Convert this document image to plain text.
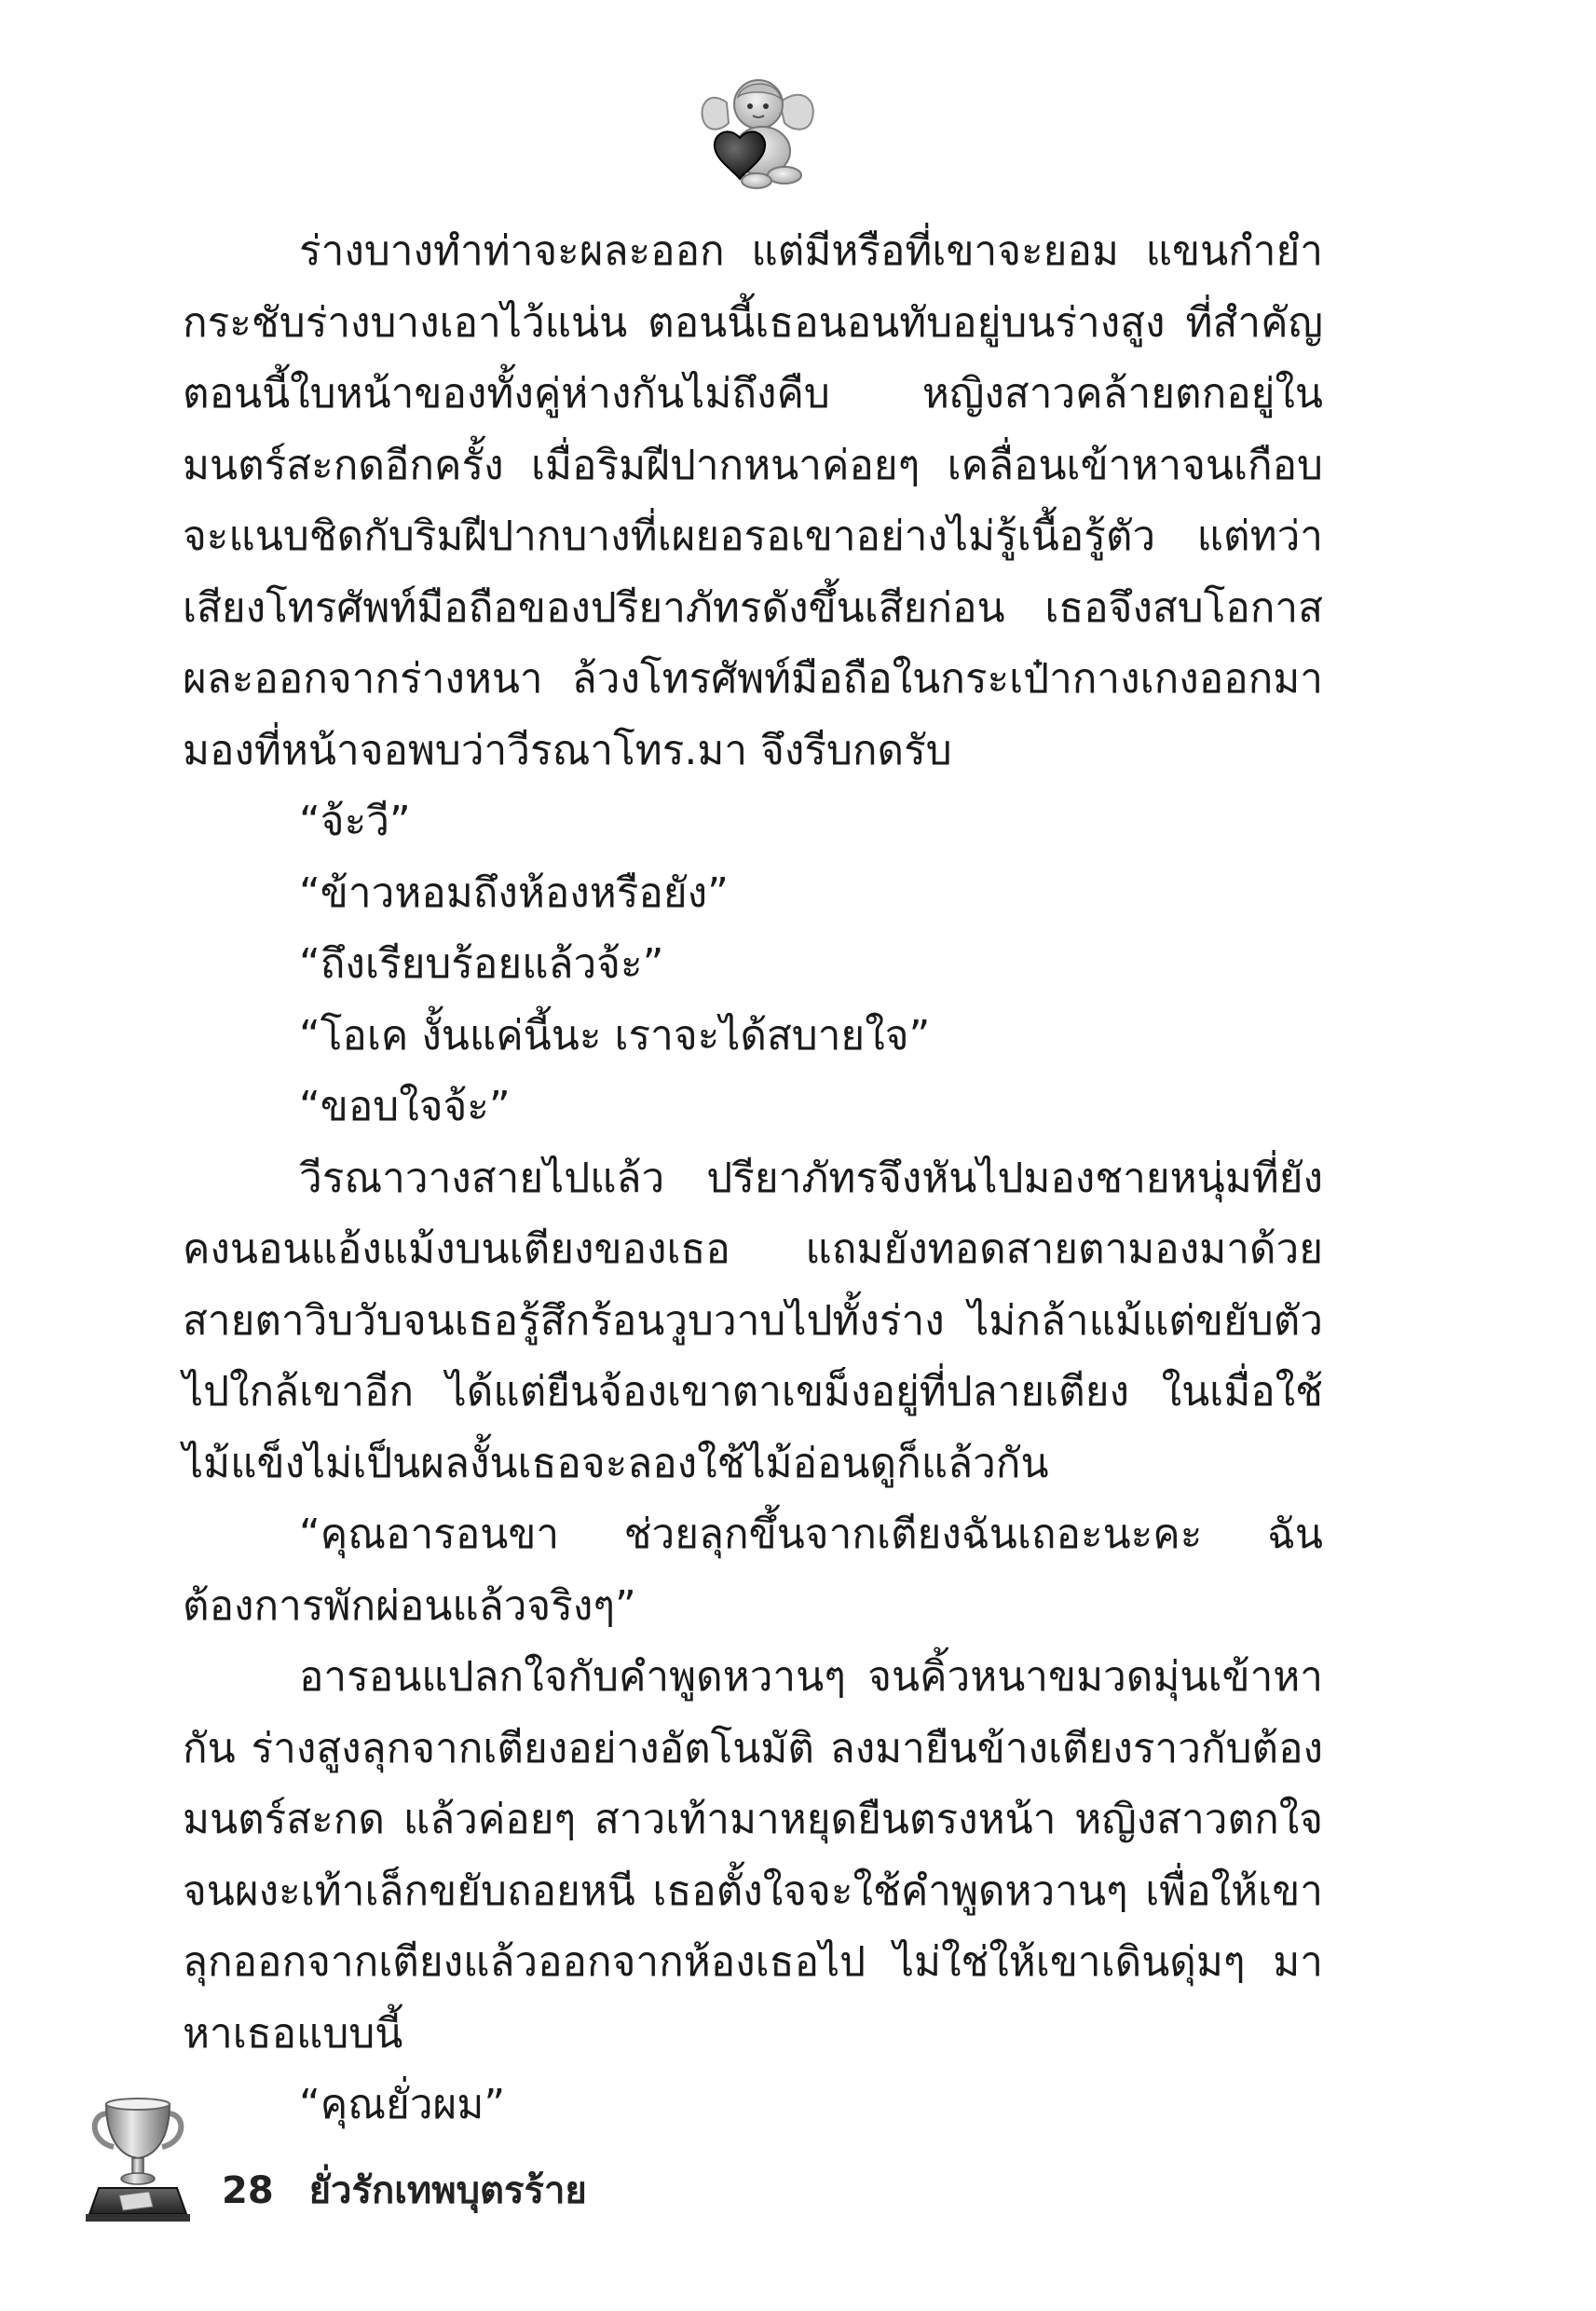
ร่างบางทำท่าจะผละออก แต่มีหรือที่เขาจะยอม แขนกำยำกระชับร่างบางเอาไว้แน่น ตอนนี้เธอนอนทับอยู่บนร่างสูง ที่สำคัญตอนนี้ใบหน้าของทั้งคู่ห่างกันไม่ถึงคืบ หญิงสาวคล้ายตกอยู่ในมนตร์สะกดอีกครั้ง เมื่อริมฝีปากหนาค่อยๆ เคลื่อนเข้าหาจนเกือบจะแนบชิดกับริมฝีปากบางที่เผยอรอเขาอย่างไม่รู้เนื้อรู้ตัว แต่ทว่าเสียงโทรศัพท์มือถือของปรียาภัทรดังขึ้นเสียก่อน เธอจึงสบโอกาสผละออกจากร่างหนา ล้วงโทรศัพท์มือถือในกระเป๋ากางเกงออกมา มองที่หน้าจอพบว่าวีรณาโทร.มา จึงรีบกดรับ

“จ้ะวี”

“ข้าวหอมถึงห้องหรือยัง”

“ถึงเรียบร้อยแล้วจ้ะ”

“โอเค งั้นแค่นี้นะ เราจะได้สบายใจ”

“ขอบใจจ้ะ”

วีรณาวางสายไปแล้ว ปรียาภัทรจึงหันไปมองชายหนุ่มที่ยังคงนอนแอ้งแม้งบนเตียงของเธอ แถมยังทอดสายตามองมาด้วยสายตาวิบวับจนเธอรู้สึกร้อนวูบวาบไปทั้งร่าง ไม่กล้าแม้แต่ขยับตัวไปใกล้เขาอีก ได้แต่ยืนจ้องเขาตาเขม็งอยู่ที่ปลายเตียง ในเมื่อใช้ไม้แข็งไม่เป็นผลงั้นเธอจะลองใช้ไม้อ่อนดูก็แล้วกัน

“คุณอารอนขา ช่วยลุกขึ้นจากเตียงฉันเถอะนะคะ ฉันต้องการพักผ่อนแล้วจริงๆ”

อารอนแปลกใจกับคำพูดหวานๆ จนคิ้วหนาขมวดมุ่นเข้าหากัน ร่างสูงลุกจากเตียงอย่างอัตโนมัติ ลงมายืนข้างเตียงราวกับต้องมนตร์สะกด แล้วค่อยๆ สาวเท้ามาหยุดยืนตรงหน้า หญิงสาวตกใจจนผงะเท้าเล็กขยับถอยหนี เธอตั้งใจจะใช้คำพูดหวานๆ เพื่อให้เขาลุกออกจากเตียงแล้วออกจากห้องเธอไป ไม่ใช่ให้เขาเดินดุ่มๆ มาหาเธอแบบนี้

“คุณยั่วผม”

28 ยั่วรักเทพบุตรร้าย
